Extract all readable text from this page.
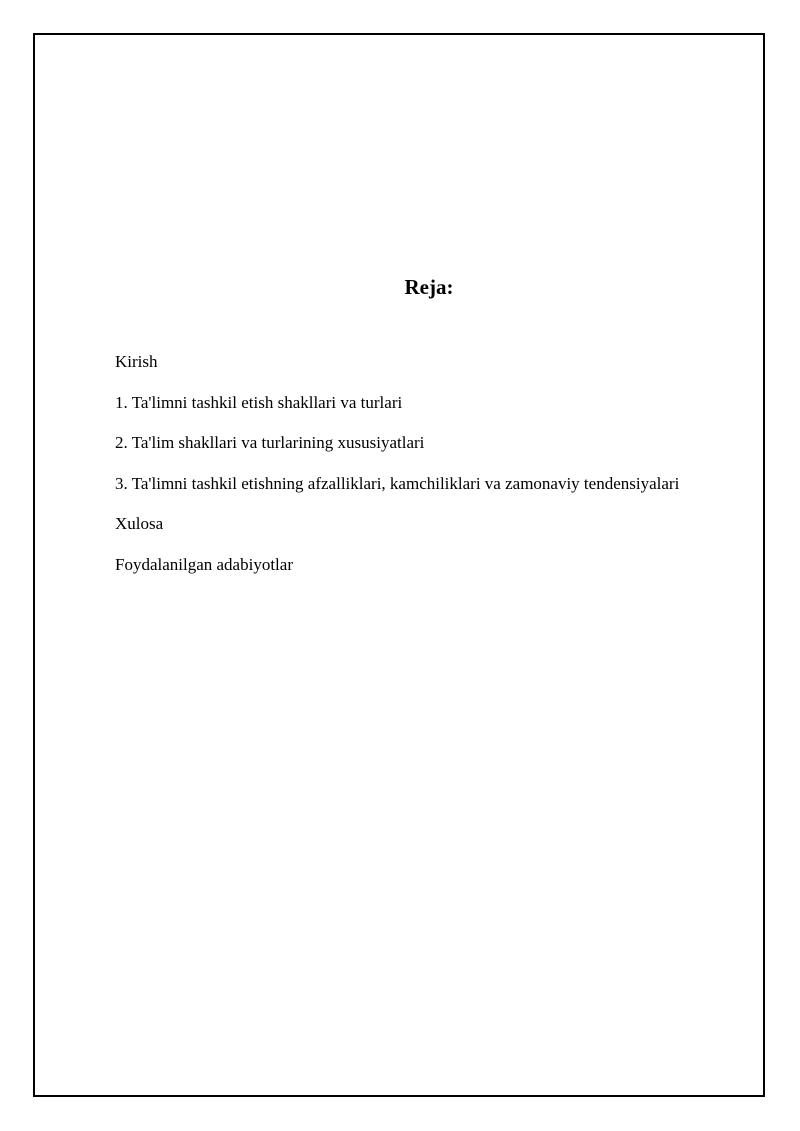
Reja:
Kirish
1. Ta'limni tashkil etish shakllari va turlari
2. Ta'lim shakllari va turlarining xususiyatlari
3. Ta'limni tashkil etishning afzalliklari, kamchiliklari va zamonaviy tendensiyalari
Xulosa
Foydalanilgan adabiyotlar
